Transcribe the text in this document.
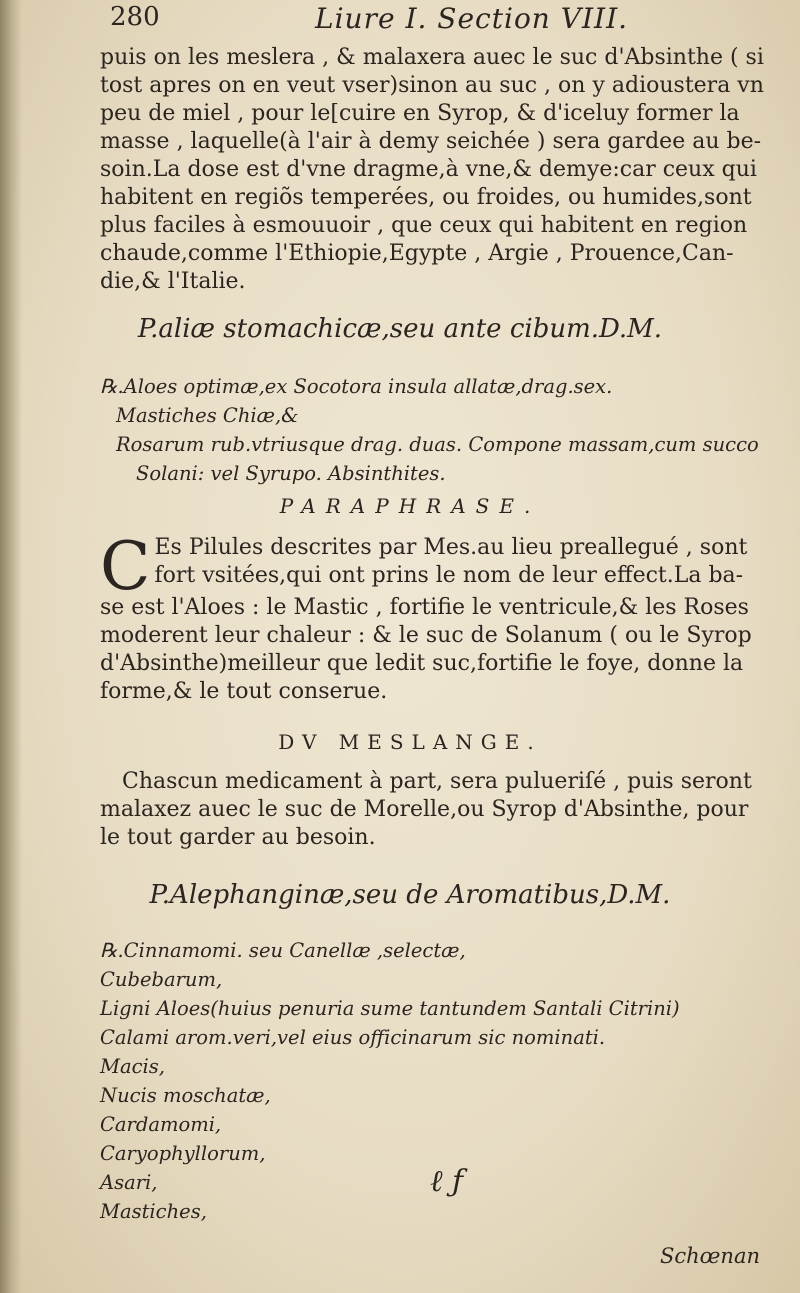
280	Liure I. Section VIII.
puis on les meslera , & malaxera auec le suc d'Absinthe ( si
tost apres on en veut vser)sinon au suc , on y adioustera vn
peu de miel , pour le[cuire en Syrop, & d'iceluy former la
masse , laquelle(à l'air à demy seichée ) sera gardee au be-
soin.La dose est d'vne dragme,à vne,& demye:car ceux qui
habitent en regiõs temperées, ou froides, ou humides,sont
plus faciles à esmouuoir , que ceux qui habitent en region
chaude,comme l'Ethiopie,Egypte , Argie , Prouence,Can-
die,& l'Italie.
P.aliæ stomachicæ,seu ante cibum.D.M.
℞.Aloes optimæ,ex Socotora insula allatæ,drag.sex.
Mastiches Chiæ,&
Rosarum rub.vtriusque drag. duas. Compone massam,cum succo
Solani: vel Syrupo. Absinthites.
PARAPHRASE.
C Es Pilules descrites par Mes.au lieu preallegué , sont
fort vsitées,qui ont prins le nom de leur effect.La ba-
se est l'Aloes : le Mastic , fortifie le ventricule,& les Roses
moderent leur chaleur : & le suc de Solanum ( ou le Syrop
d'Absinthe)meilleur que ledit suc,fortifie le foye, donne la
forme,& le tout conserue.
DV MESLANGE.
Chascun medicament à part, sera pulueriſé , puis seront
malaxez auec le suc de Morelle,ou Syrop d'Absinthe, pour
le tout garder au besoin.
P.Alephanginæ,seu de Aromatibus,D.M.
℞.Cinnamomi. seu Canellæ ,selectæ,
Cubebarum,
Ligni Aloes(huius penuria sume tantundem Santali Citrini)
Calami arom.veri,vel eius officinarum sic nominati.
Macis,
Nucis moschatæ,
Cardamomi,
Caryophyllorum,
Asari,
Mastiches,
ℓ ƒ
Schœnan
